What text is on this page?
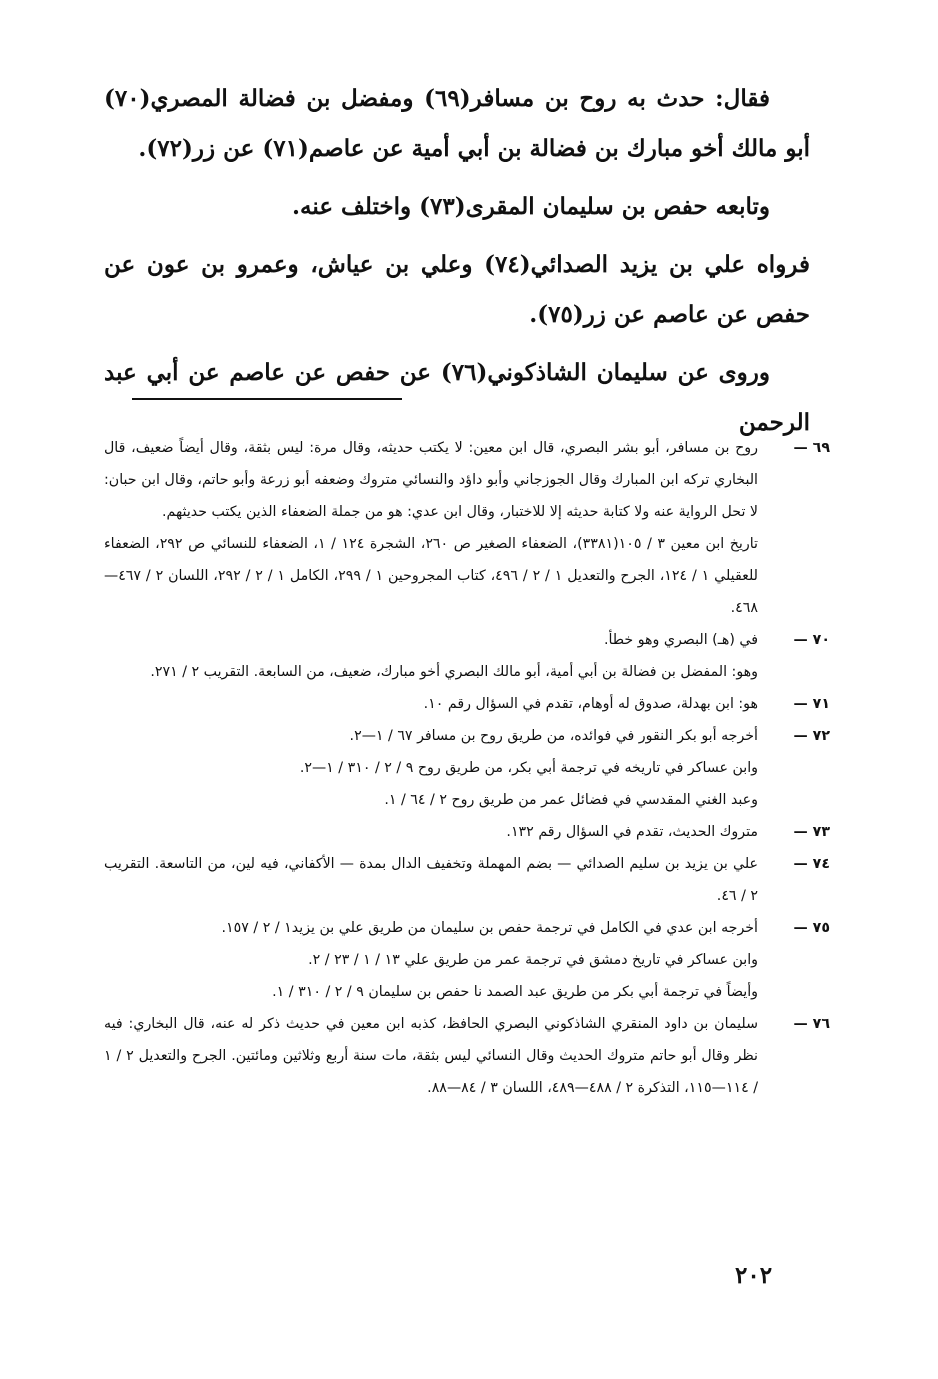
فقال: حدث به روح بن مسافر(٦٩) ومفضل بن فضالة المصري(٧٠) أبو مالك أخو مبارك بن فضالة بن أبي أمية عن عاصم(٧١) عن زر(٧٢).

وتابعه حفص بن سليمان المقرى(٧٣) واختلف عنه.

فرواه علي بن يزيد الصدائي(٧٤) وعلي بن عياش، وعمرو بن عون عن حفص عن عاصم عن زر(٧٥).

وروى عن سليمان الشاذكوني(٧٦) عن حفص عن عاصم عن أبي عبد الرحمن

٦٩ —

روح بن مسافر، أبو بشر البصري، قال ابن معين: لا يكتب حديثه، وقال مرة: ليس بثقة، وقال أيضاً ضعيف، قال البخاري تركه ابن المبارك وقال الجوزجاني وأبو داؤد والنسائي متروك وضعفه أبو زرعة وأبو حاتم، وقال ابن حبان: لا تحل الرواية عنه ولا كتابة حديثه إلا للاختبار، وقال ابن عدي: هو من جملة الضعفاء الذين يكتب حديثهم.

تاريخ ابن معين ٣ / ١٠٥(٣٣٨١)، الضعفاء الصغير ص ٢٦٠، الشجرة ١٢٤ / ١، الضعفاء للنسائي ص ٢٩٢، الضعفاء للعقيلي ١ / ١٢٤، الجرح والتعديل ١ / ٢ / ٤٩٦، كتاب المجروحين ١ / ٢٩٩، الكامل ١ / ٢ / ٢٩٢، اللسان ٢ / ٤٦٧—٤٦٨.

٧٠ —

في (هـ) البصري وهو خطأ.

وهو: المفضل بن فضالة بن أبي أمية، أبو مالك البصري أخو مبارك، ضعيف، من السابعة. التقريب ٢ / ٢٧١.

٧١ —

هو: ابن بهدلة، صدوق له أوهام، تقدم في السؤال رقم ١٠.

٧٢ —

أخرجه أبو بكر النقور في فوائده، من طريق روح بن مسافر ٦٧ / ١—٢.

وابن عساكر في تاريخه في ترجمة أبي بكر، من طريق روح ٩ / ٢ / ٣١٠ / ١—٢.

وعبد الغني المقدسي في فضائل عمر من طريق روح ٢ / ٦٤ / ١.

٧٣ —

متروك الحديث، تقدم في السؤال رقم ١٣٢.

٧٤ —

علي بن يزيد بن سليم الصدائي — بضم المهملة وتخفيف الدال بمدة — الأكفاني، فيه لين، من التاسعة. التقريب ٢ / ٤٦.

٧٥ —

أخرجه ابن عدي في الكامل في ترجمة حفص بن سليمان من طريق علي بن يزيد١ / ٢ / ١٥٧.

وابن عساكر في تاريخ دمشق في ترجمة عمر من طريق علي ١٣ / ١ / ٢٣ / ٢.

وأيضاً في ترجمة أبي بكر من طريق عبد الصمد نا حفص بن سليمان ٩ / ٢ / ٣١٠ / ١.

٧٦ —

سليمان بن داود المنقري الشاذكوني البصري الحافظ، كذبه ابن معين في حديث ذكر له عنه، قال البخاري: فيه نظر وقال أبو حاتم متروك الحديث وقال النسائي ليس بثقة، مات سنة أربع وثلاثين ومائتين. الجرح والتعديل ٢ / ١ / ١١٤—١١٥، التذكرة ٢ / ٤٨٨—٤٨٩، اللسان ٣ / ٨٤—٨٨.

٢٠٢
